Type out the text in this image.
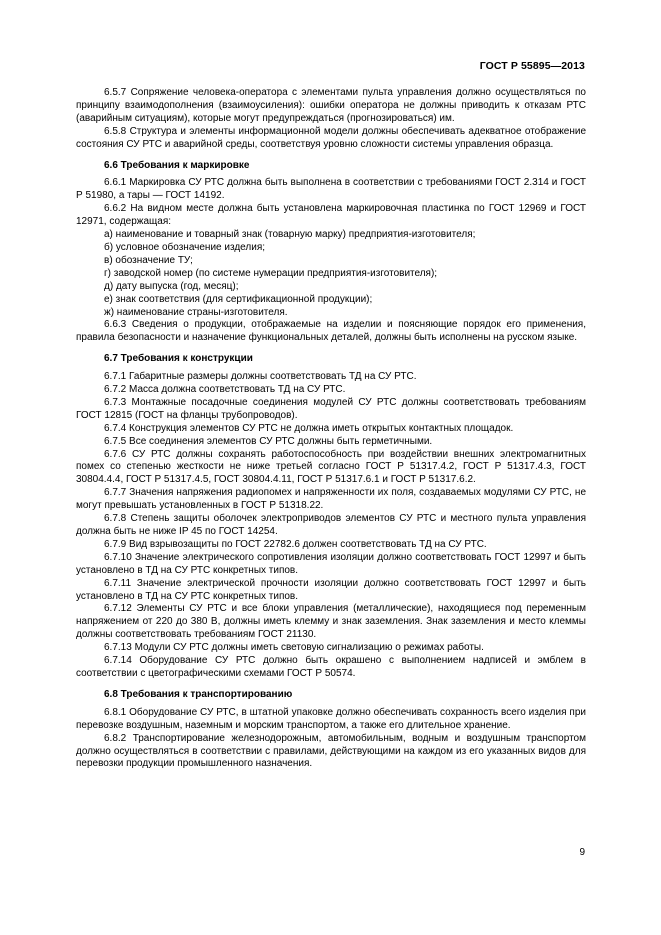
ГОСТ Р 55895—2013

6.5.7 Сопряжение человека-оператора с элементами пульта управления должно осуществляться по принципу взаимодополнения (взаимоусиления): ошибки оператора не должны приводить к отказам РТС (аварийным ситуациям), которые могут предупреждаться (прогнозироваться) им.

6.5.8 Структура и элементы информационной модели должны обеспечивать адекватное отображение состояния СУ РТС и аварийной среды, соответствуя уровню сложности системы управления образца.

6.6 Требования к маркировке

6.6.1 Маркировка СУ РТС должна быть выполнена в соответствии с требованиями ГОСТ 2.314 и ГОСТ Р 51980, а тары — ГОСТ 14192.

6.6.2 На видном месте должна быть установлена маркировочная пластинка по ГОСТ 12969 и ГОСТ 12971, содержащая:

а) наименование и товарный знак (товарную марку) предприятия-изготовителя;

б) условное обозначение изделия;

в) обозначение ТУ;

г) заводской номер (по системе нумерации предприятия-изготовителя);

д) дату выпуска (год, месяц);

е) знак соответствия (для сертификационной продукции);

ж) наименование страны-изготовителя.

6.6.3 Сведения о продукции, отображаемые на изделии и поясняющие порядок его применения, правила безопасности и назначение функциональных деталей, должны быть исполнены на русском языке.

6.7 Требования к конструкции

6.7.1 Габаритные размеры должны соответствовать ТД на СУ РТС.

6.7.2 Масса должна соответствовать ТД на СУ РТС.

6.7.3 Монтажные посадочные соединения модулей СУ РТС должны соответствовать требованиям ГОСТ 12815 (ГОСТ на фланцы трубопроводов).

6.7.4 Конструкция элементов СУ РТС не должна иметь открытых контактных площадок.

6.7.5 Все соединения элементов СУ РТС должны быть герметичными.

6.7.6 СУ РТС должны сохранять работоспособность при воздействии внешних электромагнитных помех со степенью жесткости не ниже третьей согласно ГОСТ Р 51317.4.2, ГОСТ Р 51317.4.3, ГОСТ 30804.4.4, ГОСТ Р 51317.4.5, ГОСТ 30804.4.11, ГОСТ Р 51317.6.1 и ГОСТ Р 51317.6.2.

6.7.7 Значения напряжения радиопомех и напряженности их поля, создаваемых модулями СУ РТС, не могут превышать установленных в ГОСТ Р 51318.22.

6.7.8 Степень защиты оболочек электроприводов элементов СУ РТС и местного пульта управления должна быть не ниже IP 45 по ГОСТ 14254.

6.7.9 Вид взрывозащиты по ГОСТ 22782.6 должен соответствовать ТД на СУ РТС.

6.7.10 Значение электрического сопротивления изоляции должно соответствовать ГОСТ 12997 и быть установлено в ТД на СУ РТС конкретных типов.

6.7.11 Значение электрической прочности изоляции должно соответствовать ГОСТ 12997 и быть установлено в ТД на СУ РТС конкретных типов.

6.7.12 Элементы СУ РТС и все блоки управления (металлические), находящиеся под переменным напряжением от 220 до 380 В, должны иметь клемму и знак заземления. Знак заземления и место клеммы должны соответствовать требованиям ГОСТ 21130.

6.7.13 Модули СУ РТС должны иметь световую сигнализацию о режимах работы.

6.7.14 Оборудование СУ РТС должно быть окрашено с выполнением надписей и эмблем в соответствии с цветографическими схемами ГОСТ Р 50574.

6.8 Требования к транспортированию

6.8.1 Оборудование СУ РТС, в штатной упаковке должно обеспечивать сохранность всего изделия при перевозке воздушным, наземным и морским транспортом, а также его длительное хранение.

6.8.2 Транспортирование железнодорожным, автомобильным, водным и воздушным транспортом должно осуществляться в соответствии с правилами, действующими на каждом из его указанных видов для перевозки продукции промышленного назначения.

9
